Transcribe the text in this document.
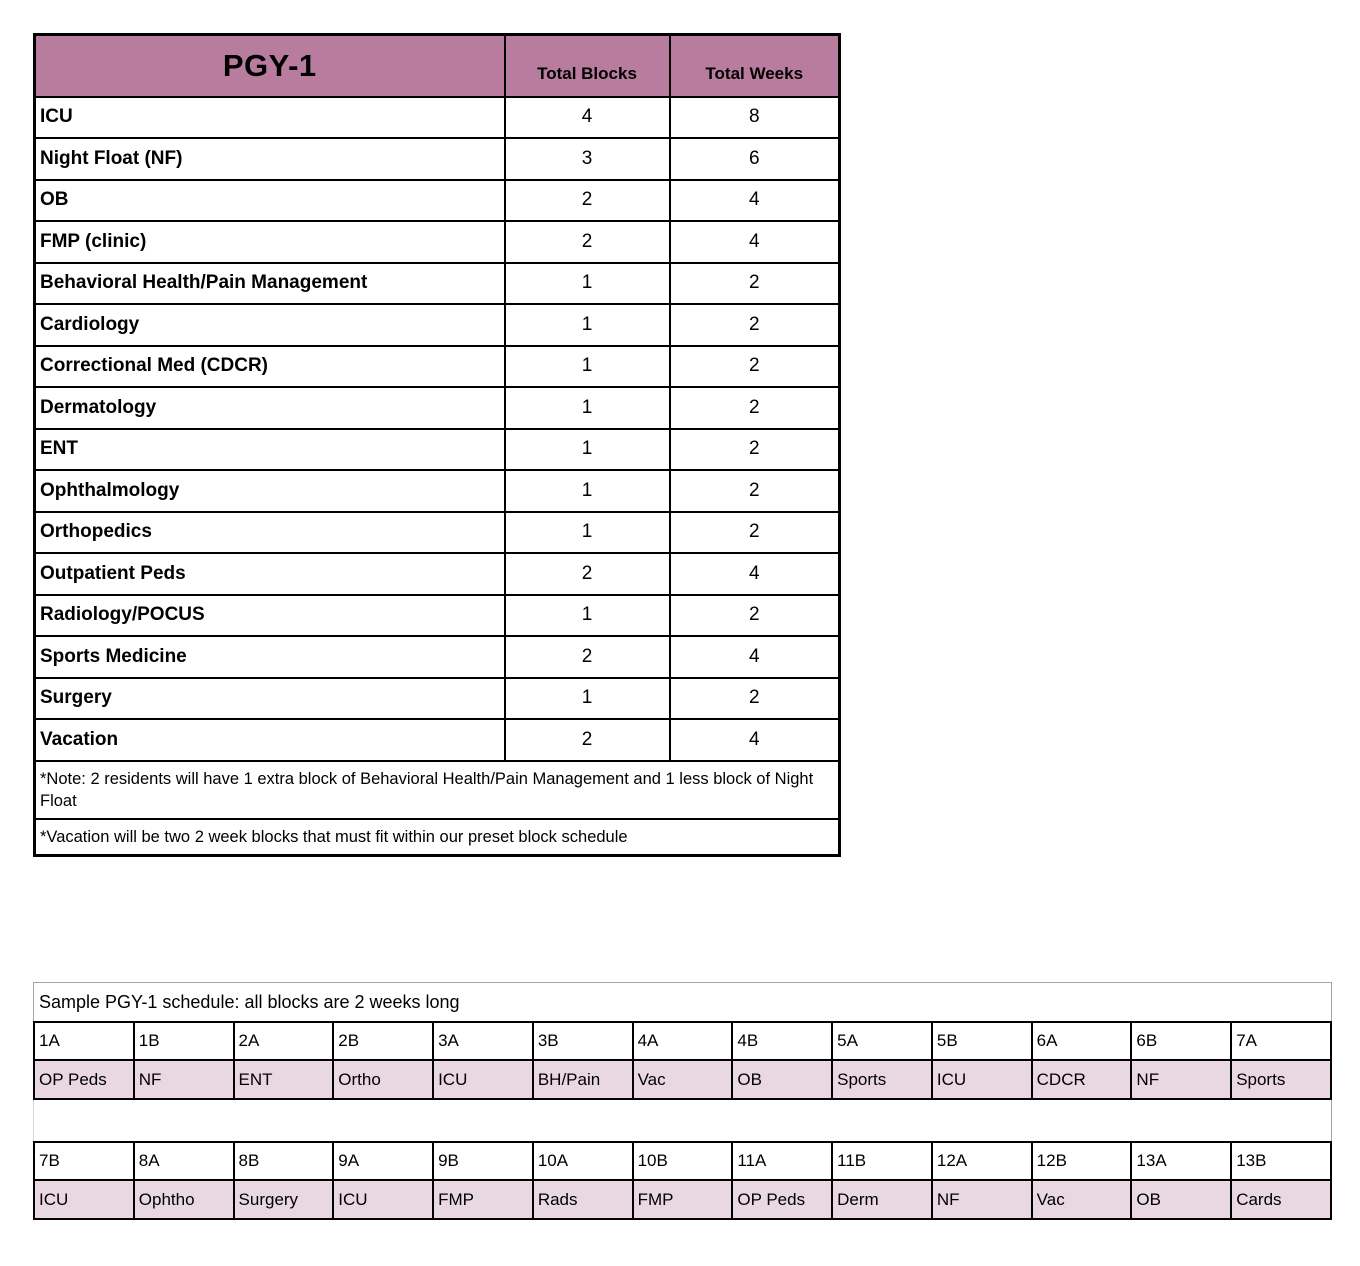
PGY-1	Total Blocks	Total Weeks
ICU	4	8
Night Float (NF)	3	6
OB	2	4
FMP (clinic)	2	4
Behavioral Health/Pain Management	1	2
Cardiology	1	2
Correctional Med (CDCR)	1	2
Dermatology	1	2
ENT	1	2
Ophthalmology	1	2
Orthopedics	1	2
Outpatient Peds	2	4
Radiology/POCUS	1	2
Sports Medicine	2	4
Surgery	1	2
Vacation	2	4
*Note: 2 residents will have 1 extra block of Behavioral Health/Pain Management and 1 less block of Night Float		
*Vacation will be two 2 week blocks that must fit within our preset block schedule		
Sample PGY-1 schedule: all blocks are 2 weeks long
1A	1B	2A	2B	3A	3B	4A	4B	5A	5B	6A	6B	7A
OP Peds	NF	ENT	Ortho	ICU	BH/Pain	Vac	OB	Sports	ICU	CDCR	NF	Sports
7B	8A	8B	9A	9B	10A	10B	11A	11B	12A	12B	13A	13B
ICU	Ophtho	Surgery	ICU	FMP	Rads	FMP	OP Peds	Derm	NF	Vac	OB	Cards
